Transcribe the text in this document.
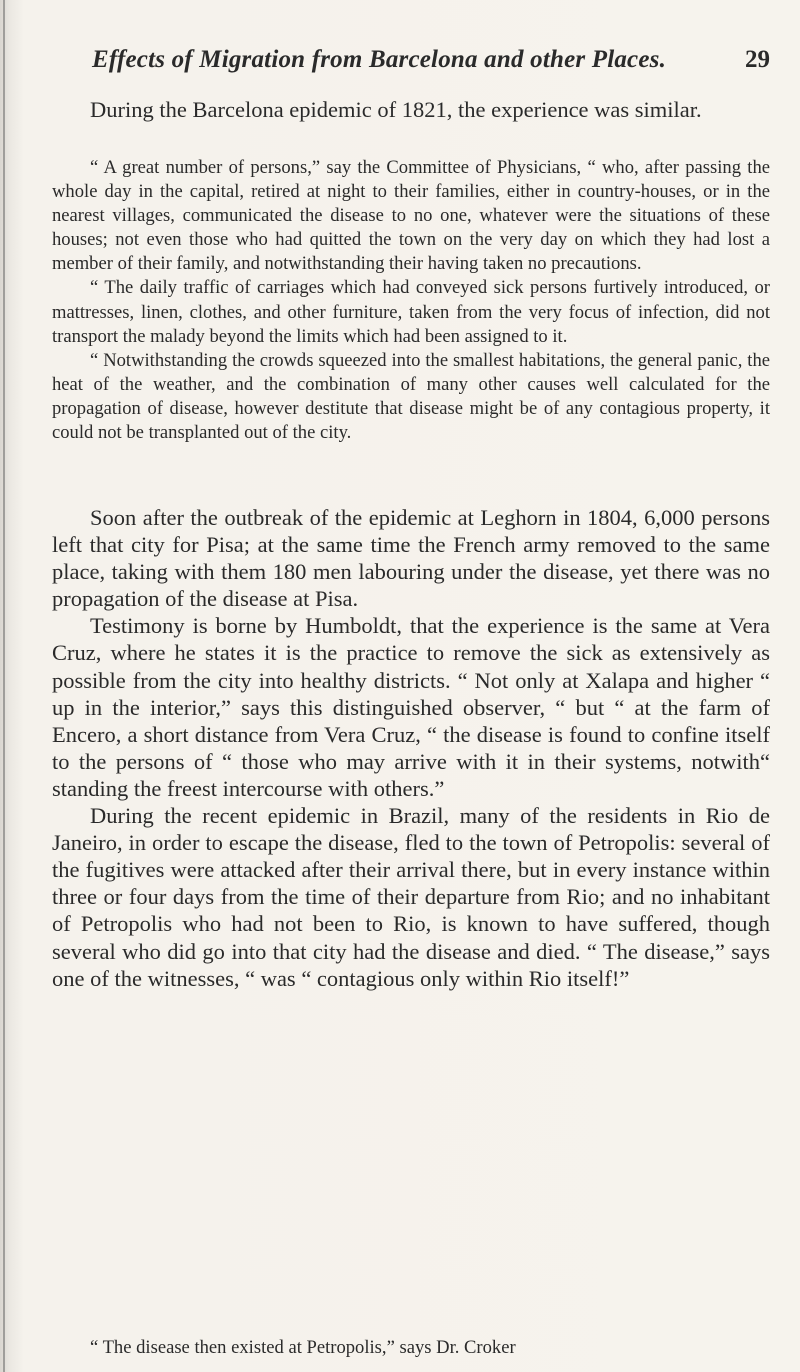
Effects of Migration from Barcelona and other Places.	29

During the Barcelona epidemic of 1821, the experience was similar.

“ A great number of persons,” say the Committee of Physicians, “ who, after passing the whole day in the capital, retired at night to their families, either in country-houses, or in the nearest villages, communicated the disease to no one, whatever were the situations of these houses; not even those who had quitted the town on the very day on which they had lost a member of their family, and notwithstanding their having taken no precautions.

“ The daily traffic of carriages which had conveyed sick persons furtively introduced, or mattresses, linen, clothes, and other furniture, taken from the very focus of infection, did not transport the malady beyond the limits which had been assigned to it.

“ Notwithstanding the crowds squeezed into the smallest habitations, the general panic, the heat of the weather, and the combination of many other causes well calculated for the propagation of disease, however destitute that disease might be of any contagious property, it could not be transplanted out of the city.

Soon after the outbreak of the epidemic at Leghorn in 1804, 6,000 persons left that city for Pisa; at the same time the French army removed to the same place, taking with them 180 men labouring under the disease, yet there was no propagation of the disease at Pisa.

Testimony is borne by Humboldt, that the experience is the same at Vera Cruz, where he states it is the practice to remove the sick as extensively as possible from the city into healthy districts. “ Not only at Xalapa and higher “ up in the interior,” says this distinguished observer, “ but “ at the farm of Encero, a short distance from Vera Cruz, “ the disease is found to confine itself to the persons of “ those who may arrive with it in their systems, notwith“ standing the freest intercourse with others.”

During the recent epidemic in Brazil, many of the residents in Rio de Janeiro, in order to escape the disease, fled to the town of Petropolis: several of the fugitives were attacked after their arrival there, but in every instance within three or four days from the time of their departure from Rio; and no inhabitant of Petropolis who had not been to Rio, is known to have suffered, though several who did go into that city had the disease and died. “ The disease,” says one of the witnesses, “ was “ contagious only within Rio itself!”

“ The disease then existed at Petropolis,” says Dr. Croker
